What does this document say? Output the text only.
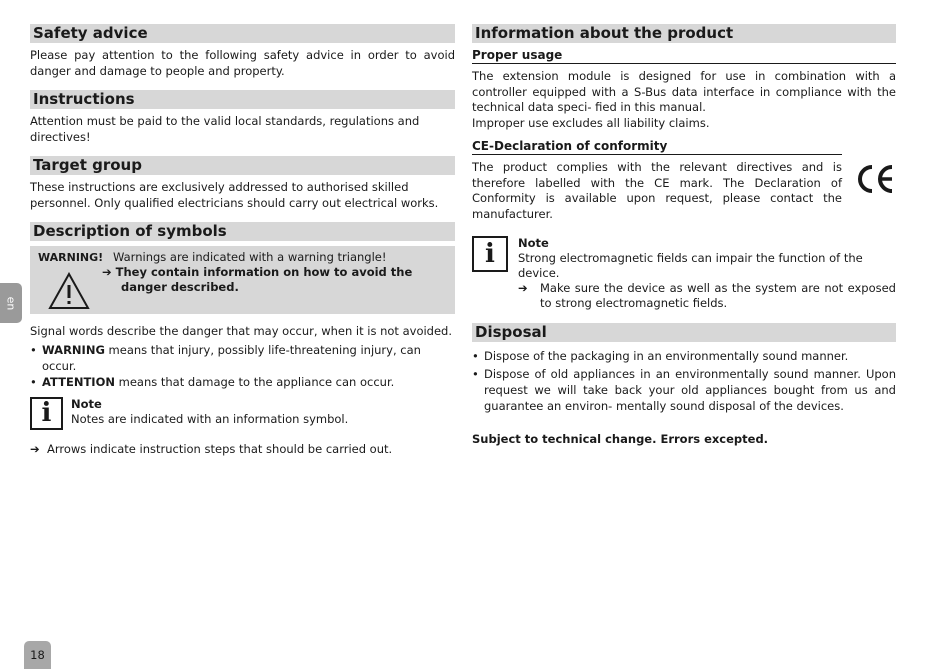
Safety advice

Please pay attention to the following safety advice in order to avoid danger and damage to people and property.

Instructions

Attention must be paid to the valid local standards, regulations and directives!

Target group

These instructions are exclusively addressed to authorised skilled personnel. Only qualified electricians should carry out electrical works.

Description of symbols
WARNING! Warnings are indicated with a warning triangle!
➔ They contain information on how to avoid the danger described.

Signal words describe the danger that may occur, when it is not avoided.

• WARNING means that injury, possibly life-threatening injury, can occur.
• ATTENTION means that damage to the appliance can occur.
i	Note
Notes are indicated with an information symbol.
➔ Arrows indicate instruction steps that should be carried out.
Information about the product
Proper usage

The extension module is designed for use in combination with a controller equipped with a S-Bus data interface in compliance with the technical data speci- fied in this manual.

Improper use excludes all liability claims.

CE-Declaration of conformity

The product complies with the relevant directives and is therefore labelled with the CE mark. The Declaration of Conformity is available upon request, please contact the manufacturer.

i	Note
Strong electromagnetic fields can impair the function of the device.
➔	Make sure the device as well as the system are not exposed to strong electromagnetic fields.
Disposal
• Dispose of the packaging in an environmentally sound manner.
• Dispose of old appliances in an environmentally sound manner. Upon request we will take back your old appliances bought from us and guarantee an environ- mentally sound disposal of the devices.
Subject to technical change. Errors excepted.
en
18
